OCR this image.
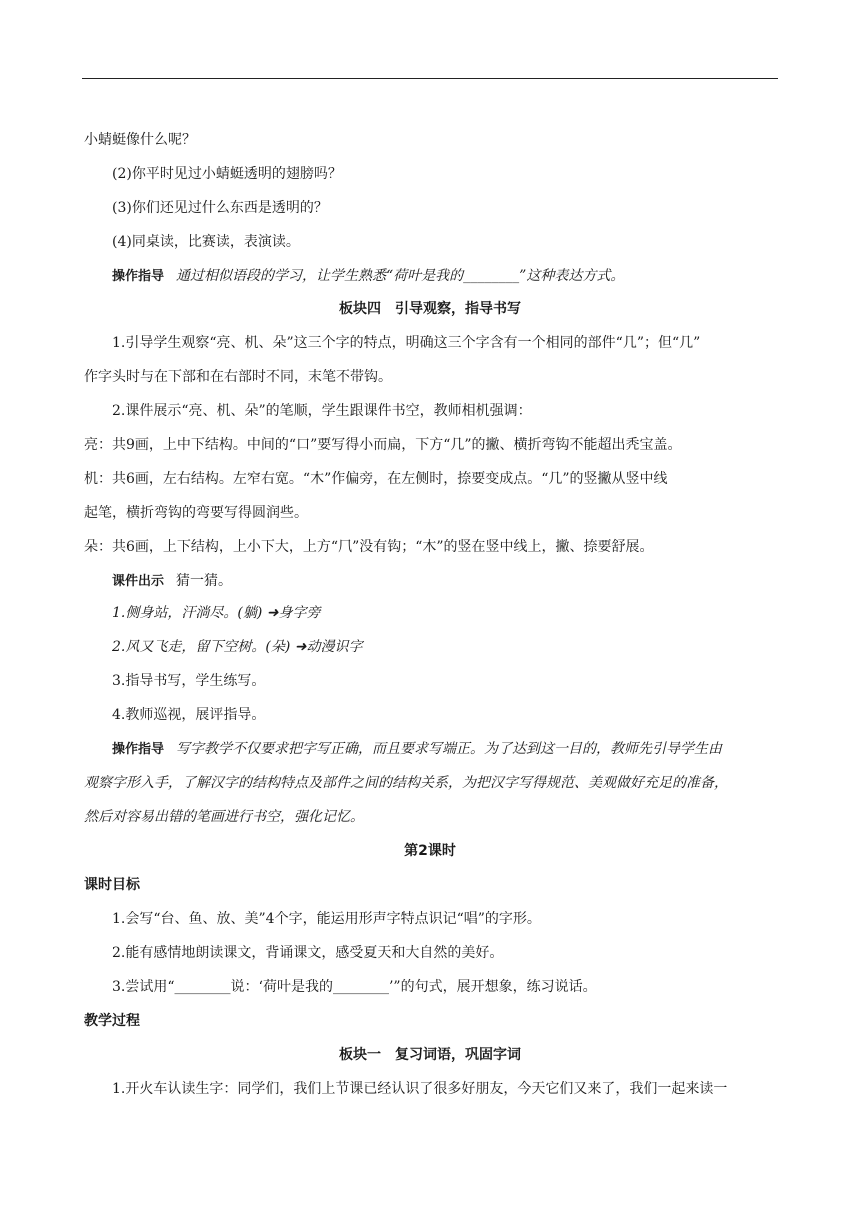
小蜻蜓像什么呢？
(2)你平时见过小蜻蜓透明的翅膀吗？
(3)你们还见过什么东西是透明的？
(4)同桌读，比赛读，表演读。
操作指导 通过相似语段的学习，让学生熟悉“荷叶是我的________”这种表达方式。
板块四　引导观察，指导书写
1.引导学生观察“亮、机、朵”这三个字的特点，明确这三个字含有一个相同的部件“几”；但“几”
作字头时与在下部和在右部时不同，末笔不带钩。
2.课件展示“亮、机、朵”的笔顺，学生跟课件书空，教师相机强调：
亮：共9画，上中下结构。中间的“口”要写得小而扁，下方“几”的撇、横折弯钩不能超出秃宝盖。
机：共6画，左右结构。左窄右宽。“木”作偏旁，在左侧时，捺要变成点。“几”的竖撇从竖中线
起笔，横折弯钩的弯要写得圆润些。
朵：共6画，上下结构，上小下大，上方“⺇”没有钩；“木”的竖在竖中线上，撇、捺要舒展。
课件出示 猜一猜。
1.侧身站，汗淌尽。(躺) ➜身字旁
2.风又飞走，留下空树。(朵) ➜动漫识字
3.指导书写，学生练写。
4.教师巡视，展评指导。
操作指导 写字教学不仅要求把字写正确，而且要求写端正。为了达到这一目的，教师先引导学生由
观察字形入手，了解汉字的结构特点及部件之间的结构关系，为把汉字写得规范、美观做好充足的准备，
然后对容易出错的笔画进行书空，强化记忆。
第2课时
课时目标
1.会写“台、鱼、放、美”4个字，能运用形声字特点识记“唱”的字形。
2.能有感情地朗读课文，背诵课文，感受夏天和大自然的美好。
3.尝试用“________说：‘荷叶是我的________’”的句式，展开想象，练习说话。
教学过程
板块一　复习词语，巩固字词
1.开火车认读生字：同学们，我们上节课已经认识了很多好朋友，今天它们又来了，我们一起来读一
